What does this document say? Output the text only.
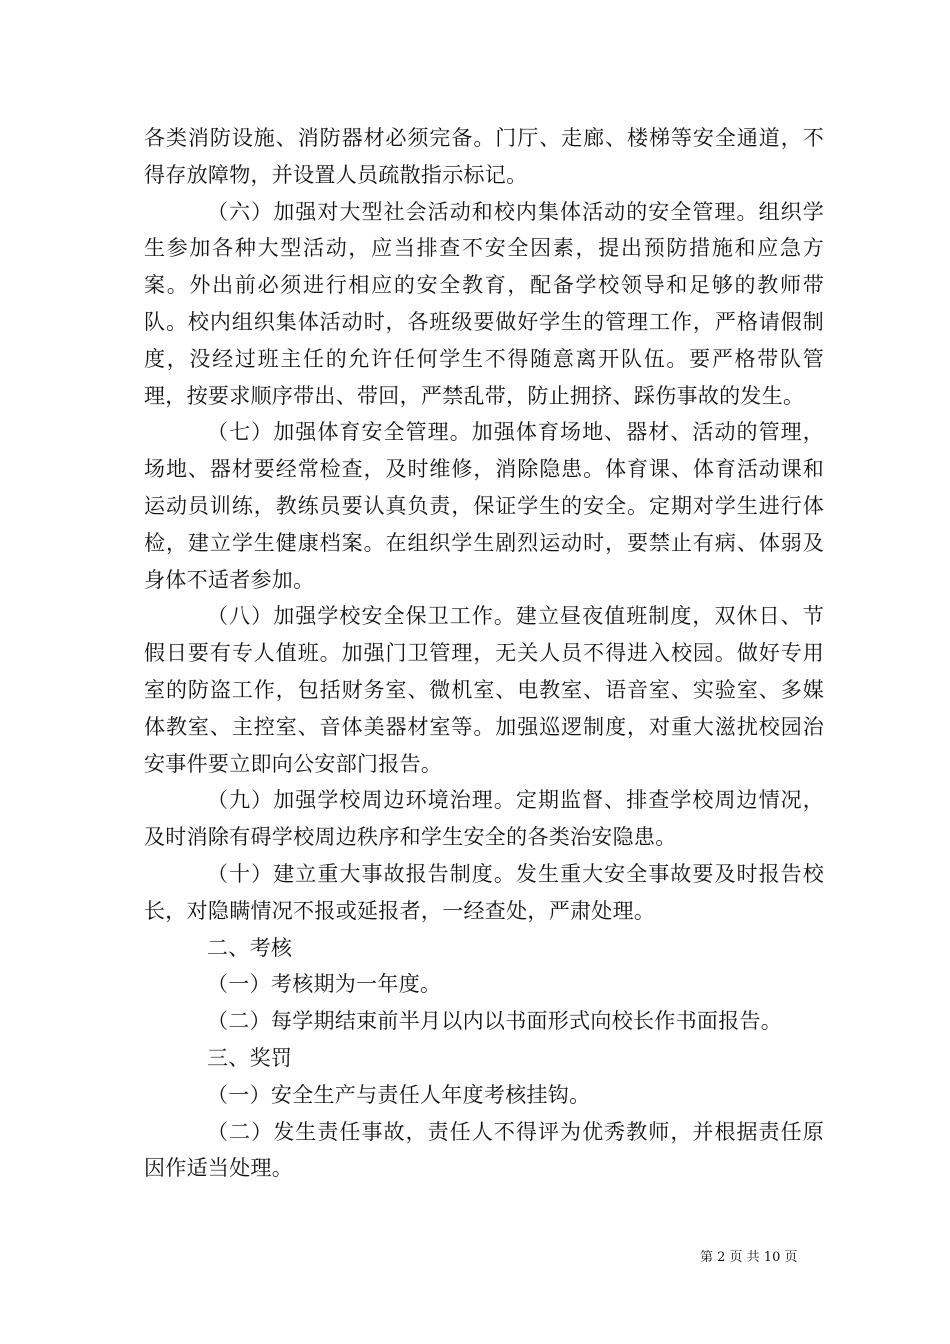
各类消防设施、消防器材必须完备。门厅、走廊、楼梯等安全通道，不得存放障物，并设置人员疏散指示标记。

（六）加强对大型社会活动和校内集体活动的安全管理。组织学生参加各种大型活动，应当排查不安全因素，提出预防措施和应急方案。外出前必须进行相应的安全教育，配备学校领导和足够的教师带队。校内组织集体活动时，各班级要做好学生的管理工作，严格请假制度，没经过班主任的允许任何学生不得随意离开队伍。要严格带队管理，按要求顺序带出、带回，严禁乱带，防止拥挤、踩伤事故的发生。

（七）加强体育安全管理。加强体育场地、器材、活动的管理，场地、器材要经常检查，及时维修，消除隐患。体育课、体育活动课和运动员训练，教练员要认真负责，保证学生的安全。定期对学生进行体检，建立学生健康档案。在组织学生剧烈运动时，要禁止有病、体弱及身体不适者参加。

（八）加强学校安全保卫工作。建立昼夜值班制度，双休日、节假日要有专人值班。加强门卫管理，无关人员不得进入校园。做好专用室的防盗工作，包括财务室、微机室、电教室、语音室、实验室、多媒体教室、主控室、音体美器材室等。加强巡逻制度，对重大滋扰校园治安事件要立即向公安部门报告。

（九）加强学校周边环境治理。定期监督、排查学校周边情况，及时消除有碍学校周边秩序和学生安全的各类治安隐患。

（十）建立重大事故报告制度。发生重大安全事故要及时报告校长，对隐瞒情况不报或延报者，一经查处，严肃处理。

二、考核

（一）考核期为一年度。

（二）每学期结束前半月以内以书面形式向校长作书面报告。

三、奖罚

（一）安全生产与责任人年度考核挂钩。

（二）发生责任事故，责任人不得评为优秀教师，并根据责任原因作适当处理。

第 2 页 共 10 页
